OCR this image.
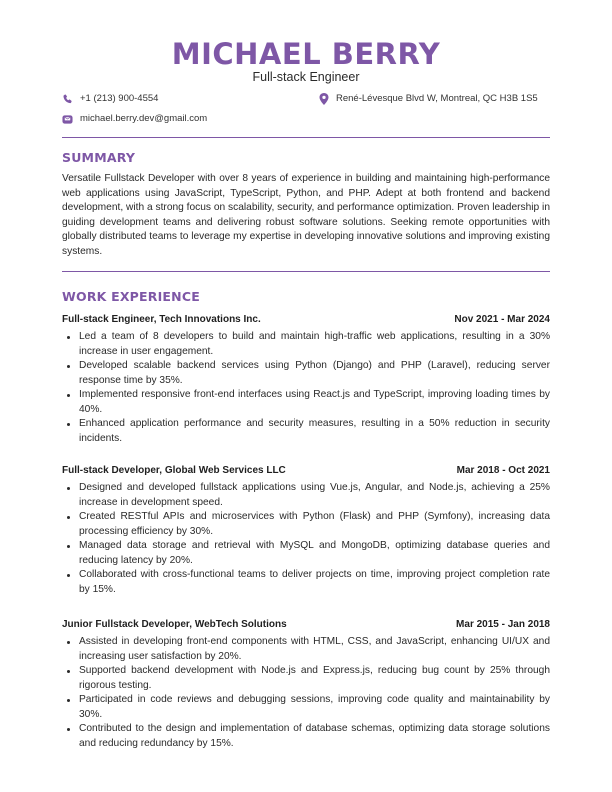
MICHAEL BERRY
Full-stack Engineer
+1 (213) 900-4554	René-Lévesque Blvd W, Montreal, QC H3B 1S5
michael.berry.dev@gmail.com
SUMMARY
Versatile Fullstack Developer with over 8 years of experience in building and maintaining high-performance web applications using JavaScript, TypeScript, Python, and PHP. Adept at both frontend and backend development, with a strong focus on scalability, security, and performance optimization. Proven leadership in guiding development teams and delivering robust software solutions. Seeking remote opportunities with globally distributed teams to leverage my expertise in developing innovative solutions and improving existing systems.
WORK EXPERIENCE
Full-stack Engineer, Tech Innovations Inc.	Nov 2021 - Mar 2024
Led a team of 8 developers to build and maintain high-traffic web applications, resulting in a 30% increase in user engagement.
Developed scalable backend services using Python (Django) and PHP (Laravel), reducing server response time by 35%.
Implemented responsive front-end interfaces using React.js and TypeScript, improving loading times by 40%.
Enhanced application performance and security measures, resulting in a 50% reduction in security incidents.
Full-stack Developer, Global Web Services LLC	Mar 2018 - Oct 2021
Designed and developed fullstack applications using Vue.js, Angular, and Node.js, achieving a 25% increase in development speed.
Created RESTful APIs and microservices with Python (Flask) and PHP (Symfony), increasing data processing efficiency by 30%.
Managed data storage and retrieval with MySQL and MongoDB, optimizing database queries and reducing latency by 20%.
Collaborated with cross-functional teams to deliver projects on time, improving project completion rate by 15%.
Junior Fullstack Developer, WebTech Solutions	Mar 2015 - Jan 2018
Assisted in developing front-end components with HTML, CSS, and JavaScript, enhancing UI/UX and increasing user satisfaction by 20%.
Supported backend development with Node.js and Express.js, reducing bug count by 25% through rigorous testing.
Participated in code reviews and debugging sessions, improving code quality and maintainability by 30%.
Contributed to the design and implementation of database schemas, optimizing data storage solutions and reducing redundancy by 15%.
